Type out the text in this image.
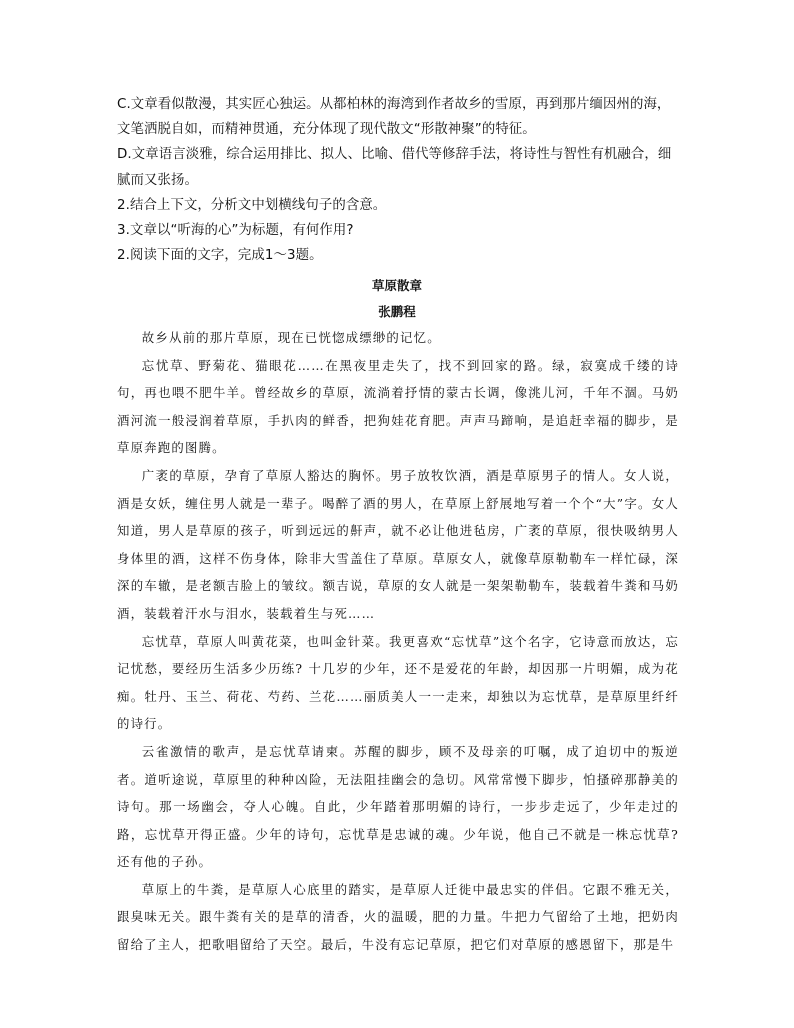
C.文章看似散漫，其实匠心独运。从都柏林的海湾到作者故乡的雪原，再到那片缅因州的海，

文笔洒脱自如，而精神贯通，充分体现了现代散文“形散神聚”的特征。

D.文章语言淡雅，综合运用排比、拟人、比喻、借代等修辞手法，将诗性与智性有机融合，细

腻而又张扬。

2.结合上下文，分析文中划横线句子的含意。

3.文章以“听海的心”为标题，有何作用?

2.阅读下面的文字，完成1～3题。

草原散章
张鹏程

故乡从前的那片草原，现在已恍惚成缥缈的记忆。

忘忧草、野菊花、猫眼花……在黑夜里走失了，找不到回家的路。绿，寂寞成千缕的诗句，再也喂不肥牛羊。曾经故乡的草原，流淌着抒情的蒙古长调，像洮儿河，千年不涸。马奶酒河流一般浸润着草原，手扒肉的鲜香，把狗娃花育肥。声声马蹄响，是追赶幸福的脚步，是草原奔跑的图腾。

广袤的草原，孕育了草原人豁达的胸怀。男子放牧饮酒，酒是草原男子的情人。女人说，酒是女妖，缠住男人就是一辈子。喝醉了酒的男人，在草原上舒展地写着一个个“大”字。女人知道，男人是草原的孩子，听到远远的鼾声，就不必让他进毡房，广袤的草原，很快吸纳男人身体里的酒，这样不伤身体，除非大雪盖住了草原。草原女人，就像草原勒勒车一样忙碌，深深的车辙，是老额吉脸上的皱纹。额吉说，草原的女人就是一架架勒勒车，装载着牛粪和马奶酒，装载着汗水与泪水，装载着生与死……

忘忧草，草原人叫黄花菜，也叫金针菜。我更喜欢“忘忧草”这个名字，它诗意而放达，忘记忧愁，要经历生活多少历练? 十几岁的少年，还不是爱花的年龄，却因那一片明媚，成为花痴。牡丹、玉兰、荷花、芍药、兰花……丽质美人一一走来，却独以为忘忧草，是草原里纤纤的诗行。

云雀激情的歌声，是忘忧草请柬。苏醒的脚步，顾不及母亲的叮嘱，成了迫切中的叛逆者。道听途说，草原里的种种凶险，无法阻挂幽会的急切。风常常慢下脚步，怕搔碎那静美的诗句。那一场幽会，夺人心魄。自此，少年踏着那明媚的诗行，一步步走远了，少年走过的路，忘忧草开得正盛。少年的诗句，忘忧草是忠诚的魂。少年说，他自己不就是一株忘忧草? 还有他的子孙。

草原上的牛粪，是草原人心底里的踏实，是草原人迁徙中最忠实的伴侣。它跟不雅无关，跟臭味无关。跟牛粪有关的是草的清香，火的温暖，肥的力量。牛把力气留给了土地，把奶肉留给了主人，把歌唱留给了天空。最后，牛没有忘记草原，把它们对草原的感恩留下，那是牛
